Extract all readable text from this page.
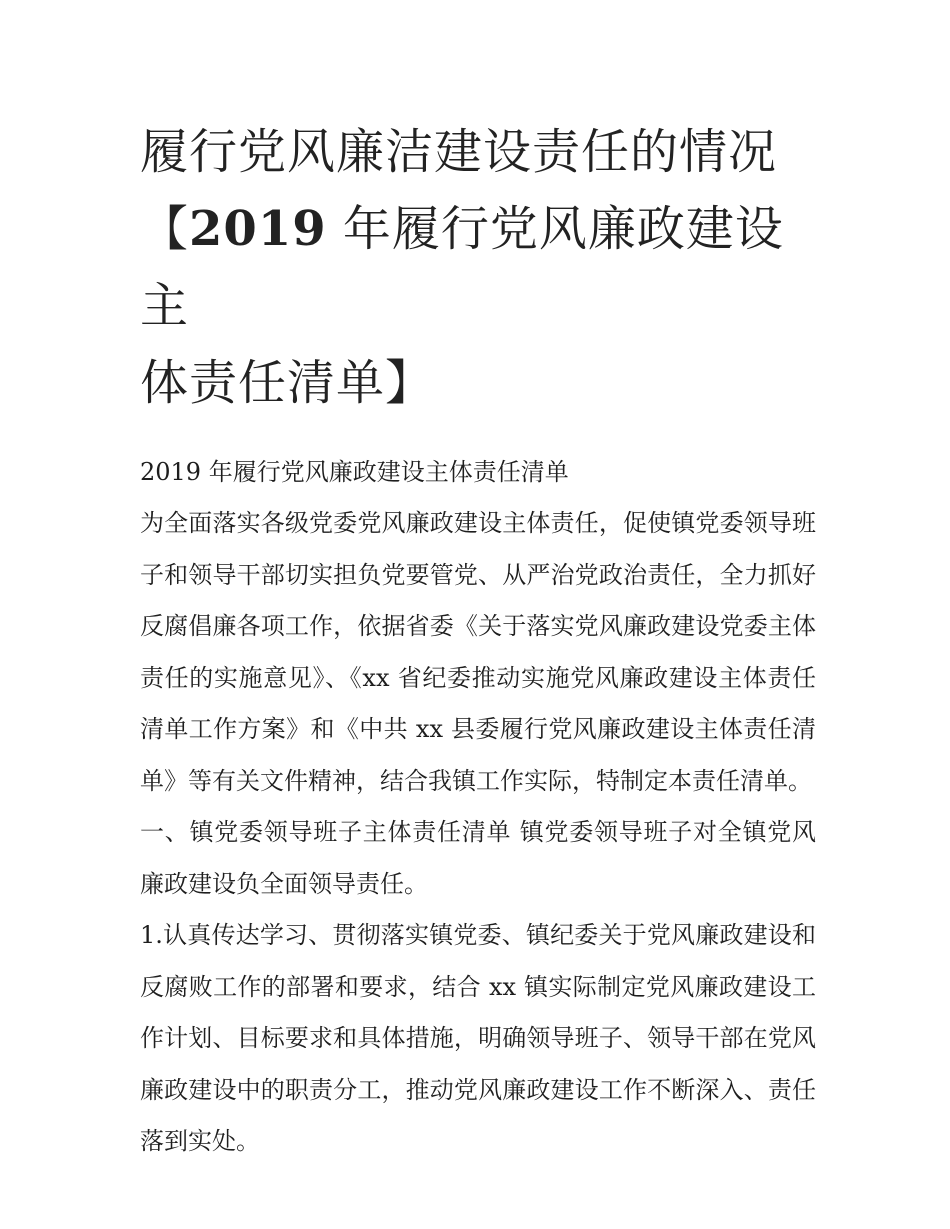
履行党风廉洁建设责任的情况
【2019 年履行党风廉政建设主
体责任清单】

2019 年履行党风廉政建设主体责任清单

为全面落实各级党委党风廉政建设主体责任，促使镇党委领导班子和领导干部切实担负党要管党、从严治党政治责任，全力抓好反腐倡廉各项工作，依据省委《关于落实党风廉政建设党委主体责任的实施意见》、《xx 省纪委推动实施党风廉政建设主体责任清单工作方案》和《中共 xx 县委履行党风廉政建设主体责任清单》等有关文件精神，结合我镇工作实际，特制定本责任清单。

一、镇党委领导班子主体责任清单 镇党委领导班子对全镇党风廉政建设负全面领导责任。

1.认真传达学习、贯彻落实镇党委、镇纪委关于党风廉政建设和反腐败工作的部署和要求，结合 xx 镇实际制定党风廉政建设工作计划、目标要求和具体措施，明确领导班子、领导干部在党风廉政建设中的职责分工，推动党风廉政建设工作不断深入、责任落到实处。
